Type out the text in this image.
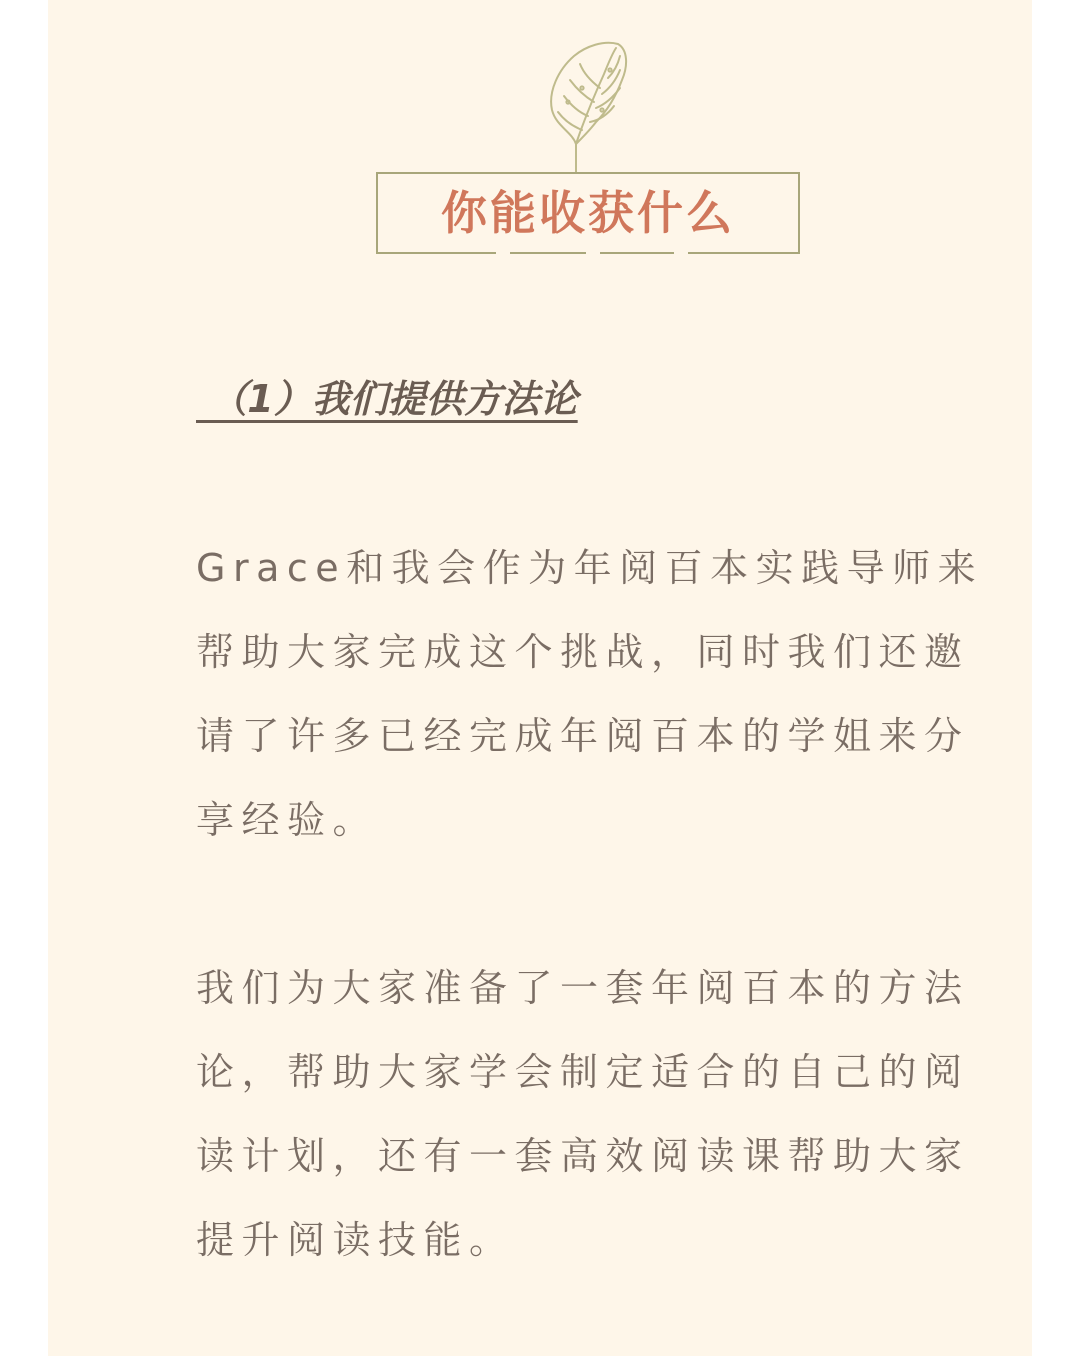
你能收获什么
（1）我们提供方法论

Grace和我会作为年阅百本实践导师来
帮助大家完成这个挑战，同时我们还邀
请了许多已经完成年阅百本的学姐来分
享经验。

我们为大家准备了一套年阅百本的方法
论，帮助大家学会制定适合的自己的阅
读计划，还有一套高效阅读课帮助大家
提升阅读技能。
